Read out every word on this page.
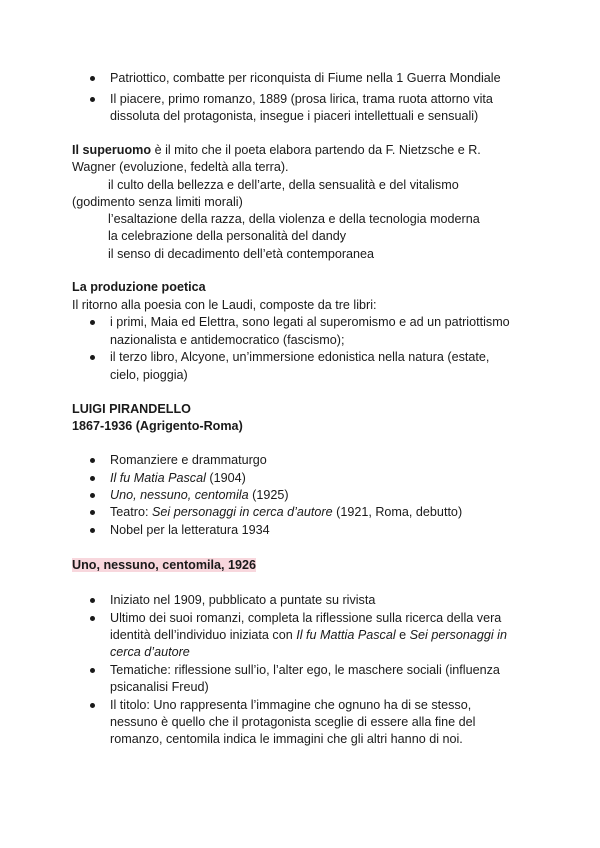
Patriottico, combatte per riconquista di Fiume nella 1 Guerra Mondiale
Il piacere, primo romanzo, 1889 (prosa lirica, trama ruota attorno vita
dissoluta del protagonista, insegue i piaceri intellettuali e sensuali)
Il superuomo è il mito che il poeta elabora partendo da F. Nietzsche e R.
Wagner (evoluzione, fedeltà alla terra).
il culto della bellezza e dell’arte, della sensualità e del vitalismo
(godimento senza limiti morali)
l’esaltazione della razza, della violenza e della tecnologia moderna
la celebrazione della personalità del dandy
il senso di decadimento dell’età contemporanea
La produzione poetica
Il ritorno alla poesia con le Laudi, composte da tre libri:
i primi, Maia ed Elettra, sono legati al superomismo e ad un patriottismo
nazionalista e antidemocratico (fascismo);
il terzo libro, Alcyone, un’immersione edonistica nella natura (estate,
cielo, pioggia)
LUIGI PIRANDELLO
1867-1936 (Agrigento-Roma)
Romanziere e drammaturgo
Il fu Matia Pascal (1904)
Uno, nessuno, centomila (1925)
Teatro: Sei personaggi in cerca d’autore (1921, Roma, debutto)
Nobel per la letteratura 1934
Uno, nessuno, centomila, 1926
Iniziato nel 1909, pubblicato a puntate su rivista
Ultimo dei suoi romanzi, completa la riflessione sulla ricerca della vera
identità dell’individuo iniziata con Il fu Mattia Pascal e Sei personaggi in
cerca d’autore
Tematiche: riflessione sull’io, l’alter ego, le maschere sociali (influenza
psicanalisi Freud)
Il titolo: Uno rappresenta l’immagine che ognuno ha di se stesso,
nessuno è quello che il protagonista sceglie di essere alla fine del
romanzo, centomila indica le immagini che gli altri hanno di noi.
